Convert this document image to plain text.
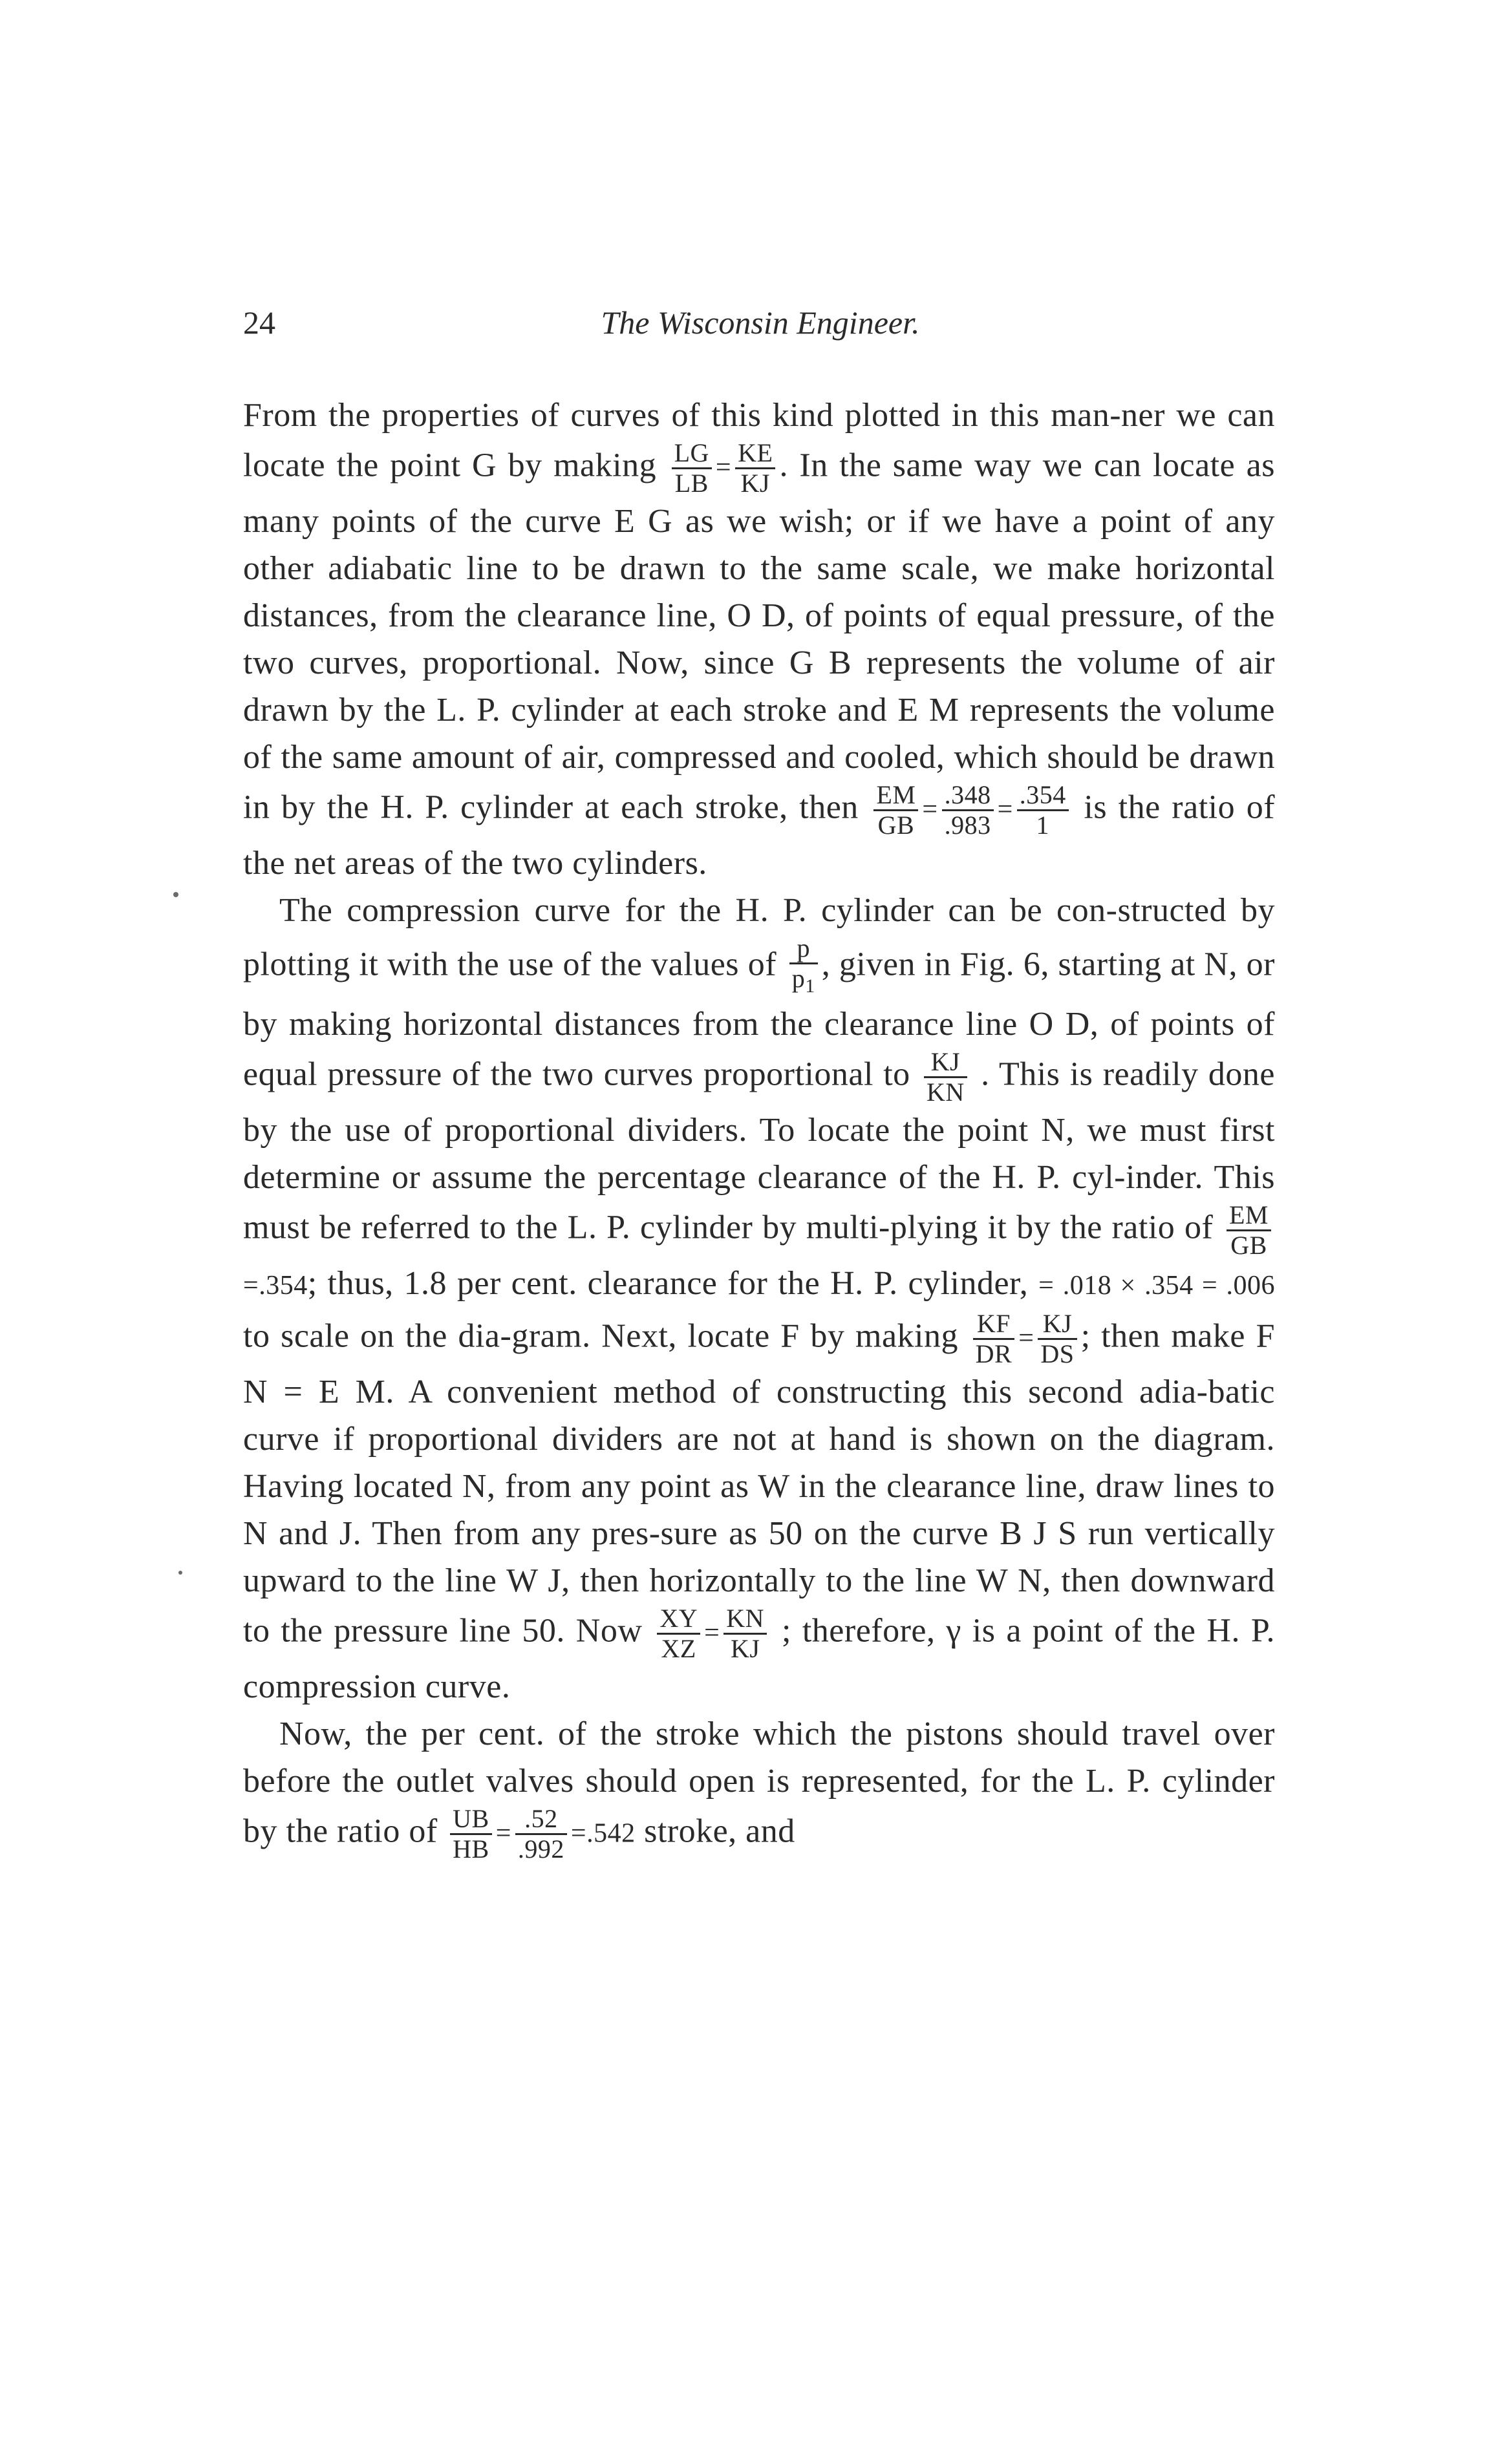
24	The Wisconsin Engineer.

From the properties of curves of this kind plotted in this man-ner we can locate the point G by making $\frac{LG}{LB} = \frac{KE}{KJ}$ . In the same way we can locate as many points of the curve E G as we wish; or if we have a point of any other adiabatic line to be drawn to the same scale, we make horizontal distances, from the clearance line, O D, of points of equal pressure, of the two curves, proportional. Now, since G B represents the volume of air drawn by the L. P. cylinder at each stroke and E M represents the volume of the same amount of air, compressed and cooled, which should be drawn in by the H. P. cylinder at each stroke, then $\frac{EM}{GB} = \frac{.348}{.983} = \frac{.354}{1}$ is the ratio of the net areas of the two cylinders.

The compression curve for the H. P. cylinder can be con-structed by plotting it with the use of the values of $\frac{p}{p_1}$ , given in Fig. 6, starting at N, or by making horizontal distances from the clearance line O D, of points of equal pressure of the two curves proportional to $\frac{KJ}{KN}$ . This is readily done by the use of proportional dividers. To locate the point N, we must first determine or assume the percentage clearance of the H. P. cyl-inder. This must be referred to the L. P. cylinder by multi-plying it by the ratio of $\frac{EM}{GB}$
=.354; thus, 1.8 per cent. clearance for the H. P. cylinder, = .018 × .354 = .006 to scale on the dia-gram. Next, locate F by making $\frac{KF}{DR} = \frac{KJ}{DS}$ ; then make F N = E M. A convenient method of constructing this second adia-batic curve if proportional dividers are not at hand is shown on the diagram. Having located N, from any point as W in the clearance line, draw lines to N and J. Then from any pres-sure as 50 on the curve B J S run vertically upward to the line W J, then horizontally to the line W N, then downward to the pressure line 50. Now $\frac{XY}{XZ} = \frac{KN}{KJ}$ ; therefore, γ is a point of the H. P. compression curve.

Now, the per cent. of the stroke which the pistons should travel over before the outlet valves should open is represented, for the L. P. cylinder by the ratio of $\frac{UB}{HB} = \frac{.52}{.992} =.542$ stroke, and
